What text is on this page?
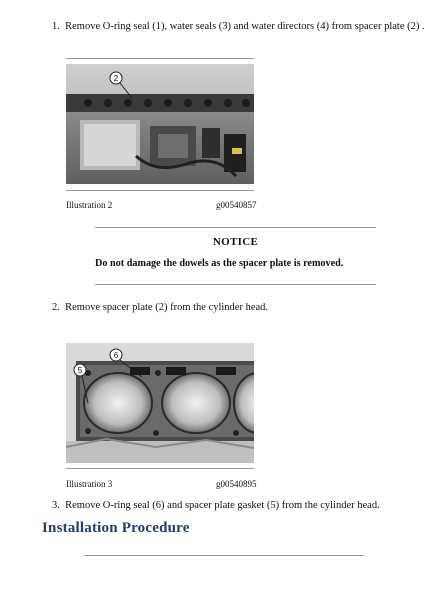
1. Remove O-ring seal (1), water seals (3) and water directors (4) from spacer plate (2) .
2
Illustration 2	g00540857
NOTICE
Do not damage the dowels as the spacer plate is removed.
2. Remove spacer plate (2) from the cylinder head.
6
5
Illustration 3	g00540895
3. Remove O-ring seal (6) and spacer plate gasket (5) from the cylinder head.
Installation Procedure
